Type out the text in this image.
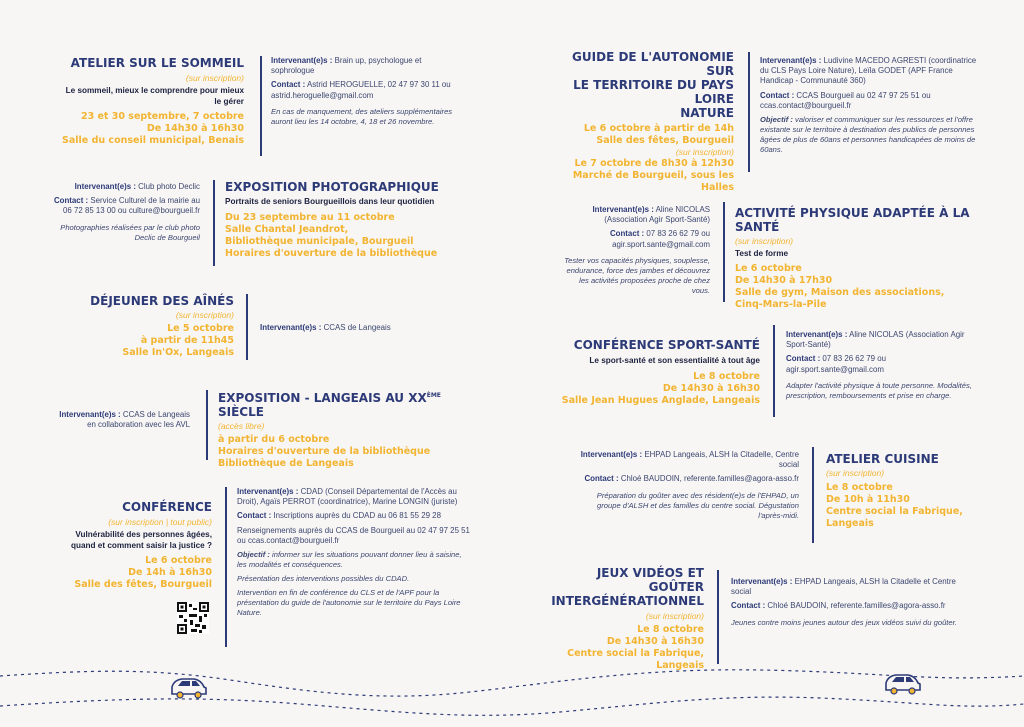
ATELIER SUR LE SOMMEIL
(sur inscription)
Le sommeil, mieux le comprendre pour mieux le gérer
23 et 30 septembre, 7 octobre
De 14h30 à 16h30
Salle du conseil municipal, Benais
Intervenant(e)s : Brain up, psychologue et sophrologue
Contact : Astrid HEROGUELLE, 02 47 97 30 11 ou astrid.heroguelle@gmail.com
En cas de manquement, des ateliers supplémentaires auront lieu les 14 octobre, 4, 18 et 26 novembre.
Intervenant(e)s : Club photo Declic
Contact : Service Culturel de la mairie au 06 72 85 13 00 ou culture@bourgueil.fr
Photographies réalisées par le club photo Declic de Bourgueil
EXPOSITION PHOTOGRAPHIQUE
Portraits de seniors Bourgueillois dans leur quotidien
Du 23 septembre au 11 octobre
Salle Chantal Jeandrot,
Bibliothèque municipale, Bourgueil
Horaires d'ouverture de la bibliothèque
DÉJEUNER DES AÎNÉS
(sur inscription)
Le 5 octobre
à partir de 11h45
Salle In'Ox, Langeais
Intervenant(e)s : CCAS de Langeais
Intervenant(e)s : CCAS de Langeais en collaboration avec les AVL
EXPOSITION - LANGEAIS AU XXÈME SIÈCLE
(accès libre)
à partir du 6 octobre
Horaires d'ouverture de la bibliothèque
Bibliothèque de Langeais
CONFÉRENCE
(sur inscription | tout public)
Vulnérabilité des personnes âgées, quand et comment saisir la justice ?
Le 6 octobre
De 14h à 16h30
Salle des fêtes, Bourgueil
Intervenant(e)s : CDAD (Conseil Départemental de l'Accès au Droit), Agaïs PERROT (coordinatrice), Marine LONGIN (juriste)
Contact : Inscriptions auprès du CDAD au 06 81 55 29 28
Renseignements auprès du CCAS de Bourgueil au 02 47 97 25 51 ou ccas.contact@bourgueil.fr
Objectif : informer sur les situations pouvant donner lieu à saisine, les modalités et conséquences.
Présentation des interventions possibles du CDAD.
Intervention en fin de conférence du CLS et de l'APF pour la présentation du guide de l'autonomie sur le territoire du Pays Loire Nature.
GUIDE DE L'AUTONOMIE SUR
LE TERRITOIRE DU PAYS LOIRE
NATURE
Le 6 octobre à partir de 14h
Salle des fêtes, Bourgueil
(sur inscription)
Le 7 octobre de 8h30 à 12h30
Marché de Bourgueil, sous les
Halles
Intervenant(e)s : Ludivine MACEDO AGRESTI (coordinatrice du CLS Pays Loire Nature), Leïla GODET (APF France Handicap - Communauté 360)
Contact : CCAS Bourgueil au 02 47 97 25 51 ou ccas.contact@bourgueil.fr
Objectif : valoriser et communiquer sur les ressources et l'offre existante sur le territoire à destination des publics de personnes âgées de plus de 60ans et personnes handicapées de moins de 60ans.
Intervenant(e)s : Aline NICOLAS (Association Agir Sport-Santé)
Contact : 07 83 26 62 79 ou agir.sport.sante@gmail.com
Tester vos capacités physiques, souplesse, endurance, force des jambes et découvrez les activités proposées proche de chez vous.
ACTIVITÉ PHYSIQUE ADAPTÉE À LA SANTÉ
(sur inscription)
Test de forme
Le 6 octobre
De 14h30 à 17h30
Salle de gym, Maison des associations,
Cinq-Mars-la-Pile
CONFÉRENCE SPORT-SANTÉ
Le sport-santé et son essentialité à tout âge
Le 8 octobre
De 14h30 à 16h30
Salle Jean Hugues Anglade, Langeais
Intervenant(e)s : Aline NICOLAS (Association Agir Sport-Santé)
Contact : 07 83 26 62 79 ou agir.sport.sante@gmail.com
Adapter l'activité physique à toute personne. Modalités, prescription, remboursements et prise en charge.
Intervenant(e)s : EHPAD Langeais, ALSH la Citadelle, Centre social
Contact : Chloé BAUDOIN, referente.familles@agora-asso.fr
Préparation du goûter avec des résident(e)s de l'EHPAD, un groupe d'ALSH et des familles du centre social. Dégustation l'après-midi.
ATELIER CUISINE
(sur inscription)
Le 8 octobre
De 10h à 11h30
Centre social la Fabrique,
Langeais
JEUX VIDÉOS ET GOÛTER
INTERGÉNÉRATIONNEL
(sur inscription)
Le 8 octobre
De 14h30 à 16h30
Centre social la Fabrique,
Langeais
Intervenant(e)s : EHPAD Langeais, ALSH la Citadelle et Centre social
Contact : Chloé BAUDOIN, referente.familles@agora-asso.fr
Jeunes contre moins jeunes autour des jeux vidéos suivi du goûter.
